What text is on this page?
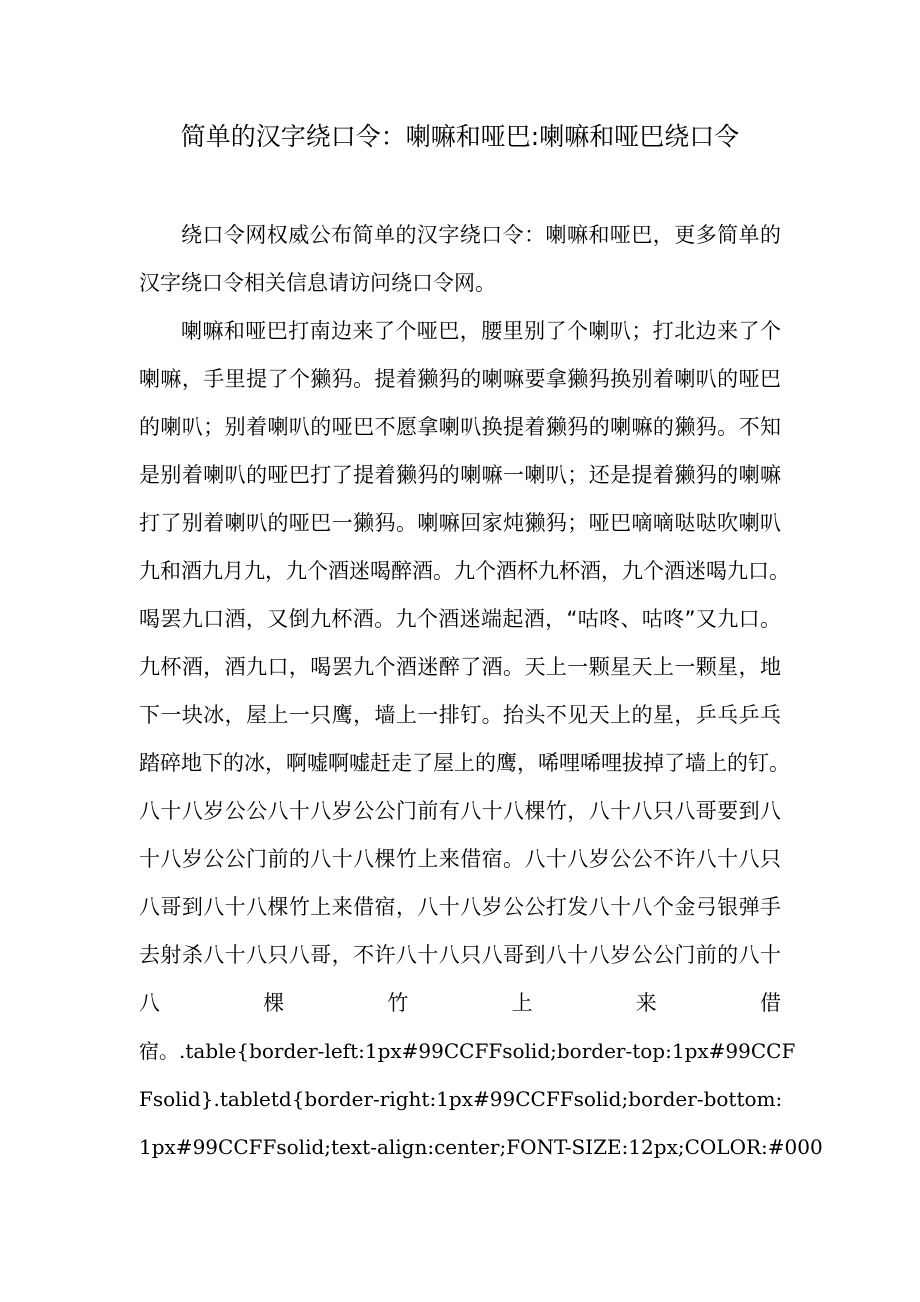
简单的汉字绕口令：喇嘛和哑巴:喇嘛和哑巴绕口令

绕口令网权威公布简单的汉字绕口令：喇嘛和哑巴，更多简单的

汉字绕口令相关信息请访问绕口令网。

喇嘛和哑巴打南边来了个哑巴，腰里别了个喇叭；打北边来了个

喇嘛，手里提了个獭犸。提着獭犸的喇嘛要拿獭犸换别着喇叭的哑巴

的喇叭；别着喇叭的哑巴不愿拿喇叭换提着獭犸的喇嘛的獭犸。不知

是别着喇叭的哑巴打了提着獭犸的喇嘛一喇叭；还是提着獭犸的喇嘛

打了别着喇叭的哑巴一獭犸。喇嘛回家炖獭犸；哑巴嘀嘀哒哒吹喇叭

九和酒九月九，九个酒迷喝醉酒。九个酒杯九杯酒，九个酒迷喝九口。

喝罢九口酒，又倒九杯酒。九个酒迷端起酒，“咕咚、咕咚”又九口。

九杯酒，酒九口，喝罢九个酒迷醉了酒。天上一颗星天上一颗星，地

下一块冰，屋上一只鹰，墙上一排钉。抬头不见天上的星，乒乓乒乓

踏碎地下的冰，啊嘘啊嘘赶走了屋上的鹰，唏哩唏哩拔掉了墙上的钉。

八十八岁公公八十八岁公公门前有八十八棵竹，八十八只八哥要到八

十八岁公公门前的八十八棵竹上来借宿。八十八岁公公不许八十八只

八哥到八十八棵竹上来借宿，八十八岁公公打发八十八个金弓银弹手

去射杀八十八只八哥，不许八十八只八哥到八十八岁公公门前的八十

八 棵 竹 上 来 借

宿。.table{border-left:1px#99CCFFsolid;border-top:1px#99CCF

Fsolid}.tabletd{border-right:1px#99CCFFsolid;border-bottom:

1px#99CCFFsolid;text-align:center;FONT-SIZE:12px;COLOR:#000
